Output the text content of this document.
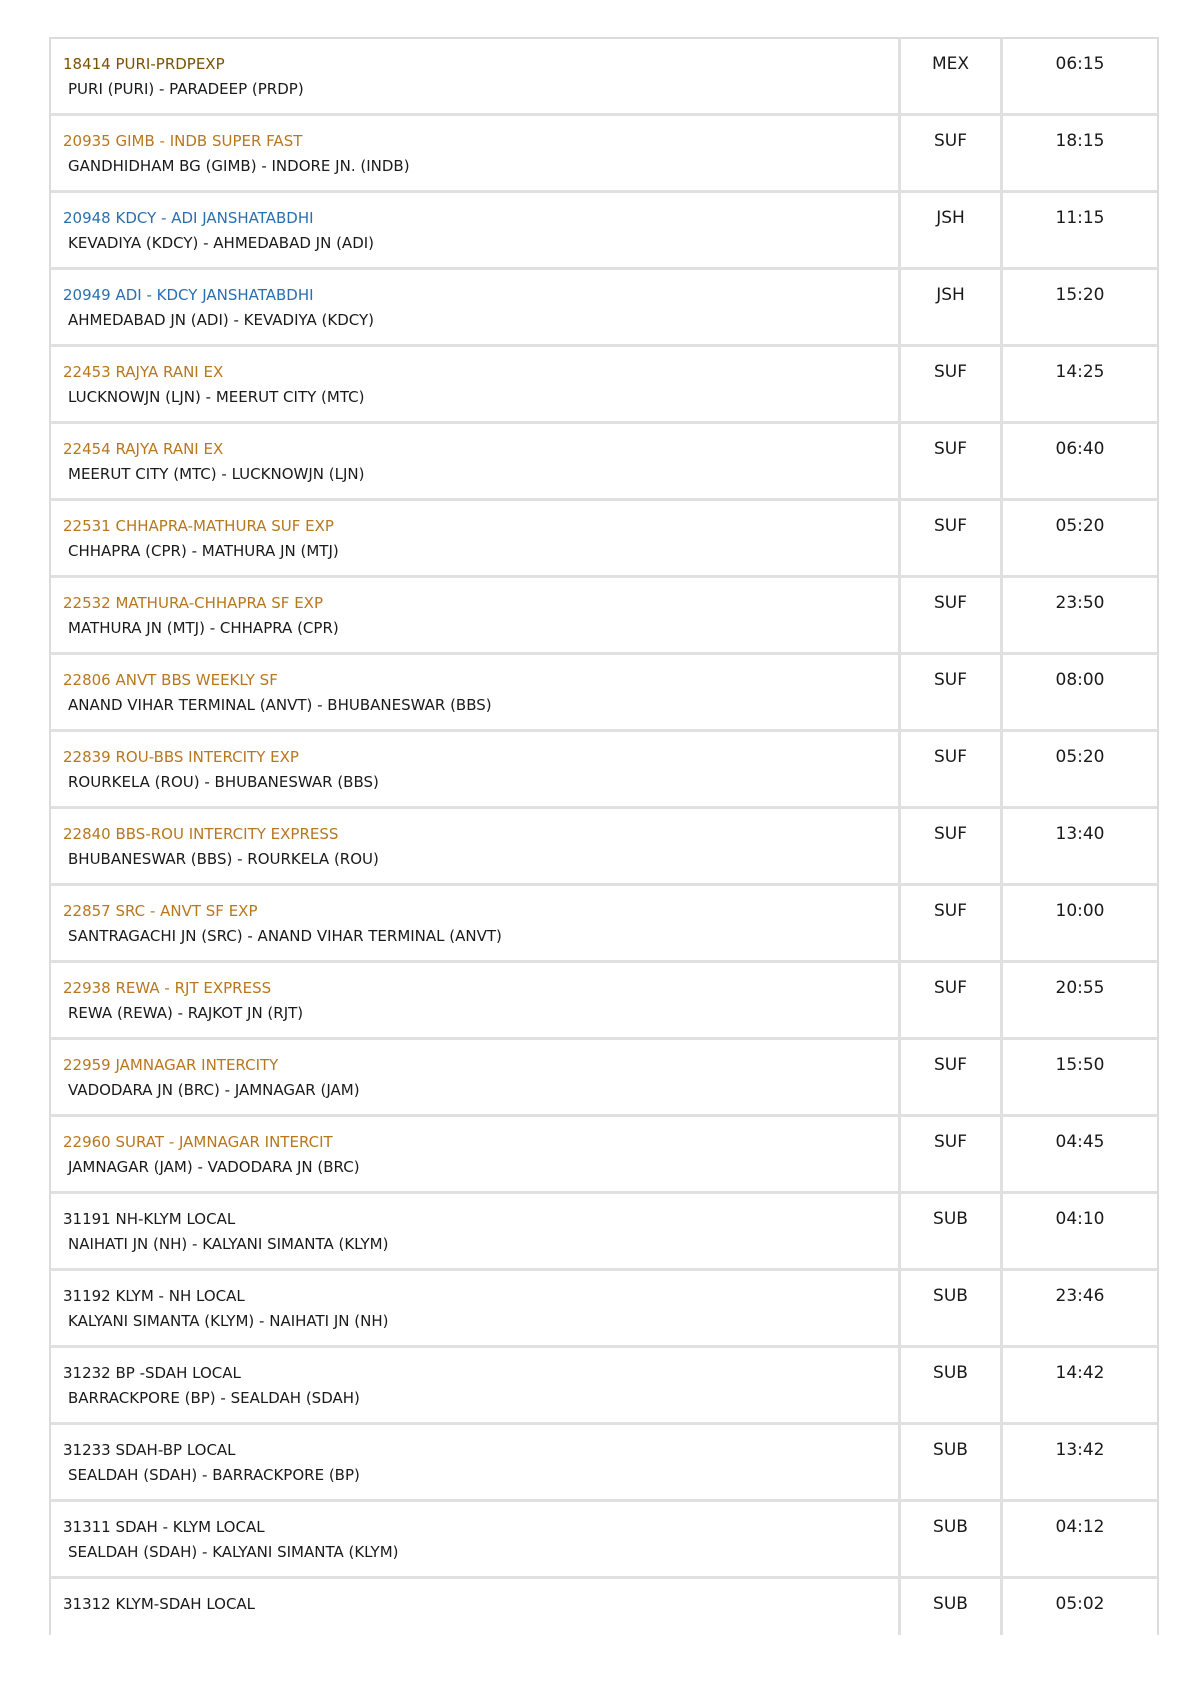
18414 PURI-PRDPEXP
PURI (PURI) - PARADEEP (PRDP)
MEX	06:15
20935 GIMB - INDB SUPER FAST
GANDHIDHAM BG (GIMB) - INDORE JN. (INDB)
SUF	18:15
20948 KDCY - ADI JANSHATABDHI
KEVADIYA (KDCY) - AHMEDABAD JN (ADI)
JSH	11:15
20949 ADI - KDCY JANSHATABDHI
AHMEDABAD JN (ADI) - KEVADIYA (KDCY)
JSH	15:20
22453 RAJYA RANI EX
LUCKNOWJN (LJN) - MEERUT CITY (MTC)
SUF	14:25
22454 RAJYA RANI EX
MEERUT CITY (MTC) - LUCKNOWJN (LJN)
SUF	06:40
22531 CHHAPRA-MATHURA SUF EXP
CHHAPRA (CPR) - MATHURA JN (MTJ)
SUF	05:20
22532 MATHURA-CHHAPRA SF EXP
MATHURA JN (MTJ) - CHHAPRA (CPR)
SUF	23:50
22806 ANVT BBS WEEKLY SF
ANAND VIHAR TERMINAL (ANVT) - BHUBANESWAR (BBS)
SUF	08:00
22839 ROU-BBS INTERCITY EXP
ROURKELA (ROU) - BHUBANESWAR (BBS)
SUF	05:20
22840 BBS-ROU INTERCITY EXPRESS
BHUBANESWAR (BBS) - ROURKELA (ROU)
SUF	13:40
22857 SRC - ANVT SF EXP
SANTRAGACHI JN (SRC) - ANAND VIHAR TERMINAL (ANVT)
SUF	10:00
22938 REWA - RJT EXPRESS
REWA (REWA) - RAJKOT JN (RJT)
SUF	20:55
22959 JAMNAGAR INTERCITY
VADODARA JN (BRC) - JAMNAGAR (JAM)
SUF	15:50
22960 SURAT - JAMNAGAR INTERCIT
JAMNAGAR (JAM) - VADODARA JN (BRC)
SUF	04:45
31191 NH-KLYM LOCAL
NAIHATI JN (NH) - KALYANI SIMANTA (KLYM)
SUB	04:10
31192 KLYM - NH LOCAL
KALYANI SIMANTA (KLYM) - NAIHATI JN (NH)
SUB	23:46
31232 BP -SDAH LOCAL
BARRACKPORE (BP) - SEALDAH (SDAH)
SUB	14:42
31233 SDAH-BP LOCAL
SEALDAH (SDAH) - BARRACKPORE (BP)
SUB	13:42
31311 SDAH - KLYM LOCAL
SEALDAH (SDAH) - KALYANI SIMANTA (KLYM)
SUB	04:12
31312 KLYM-SDAH LOCAL	SUB	05:02
